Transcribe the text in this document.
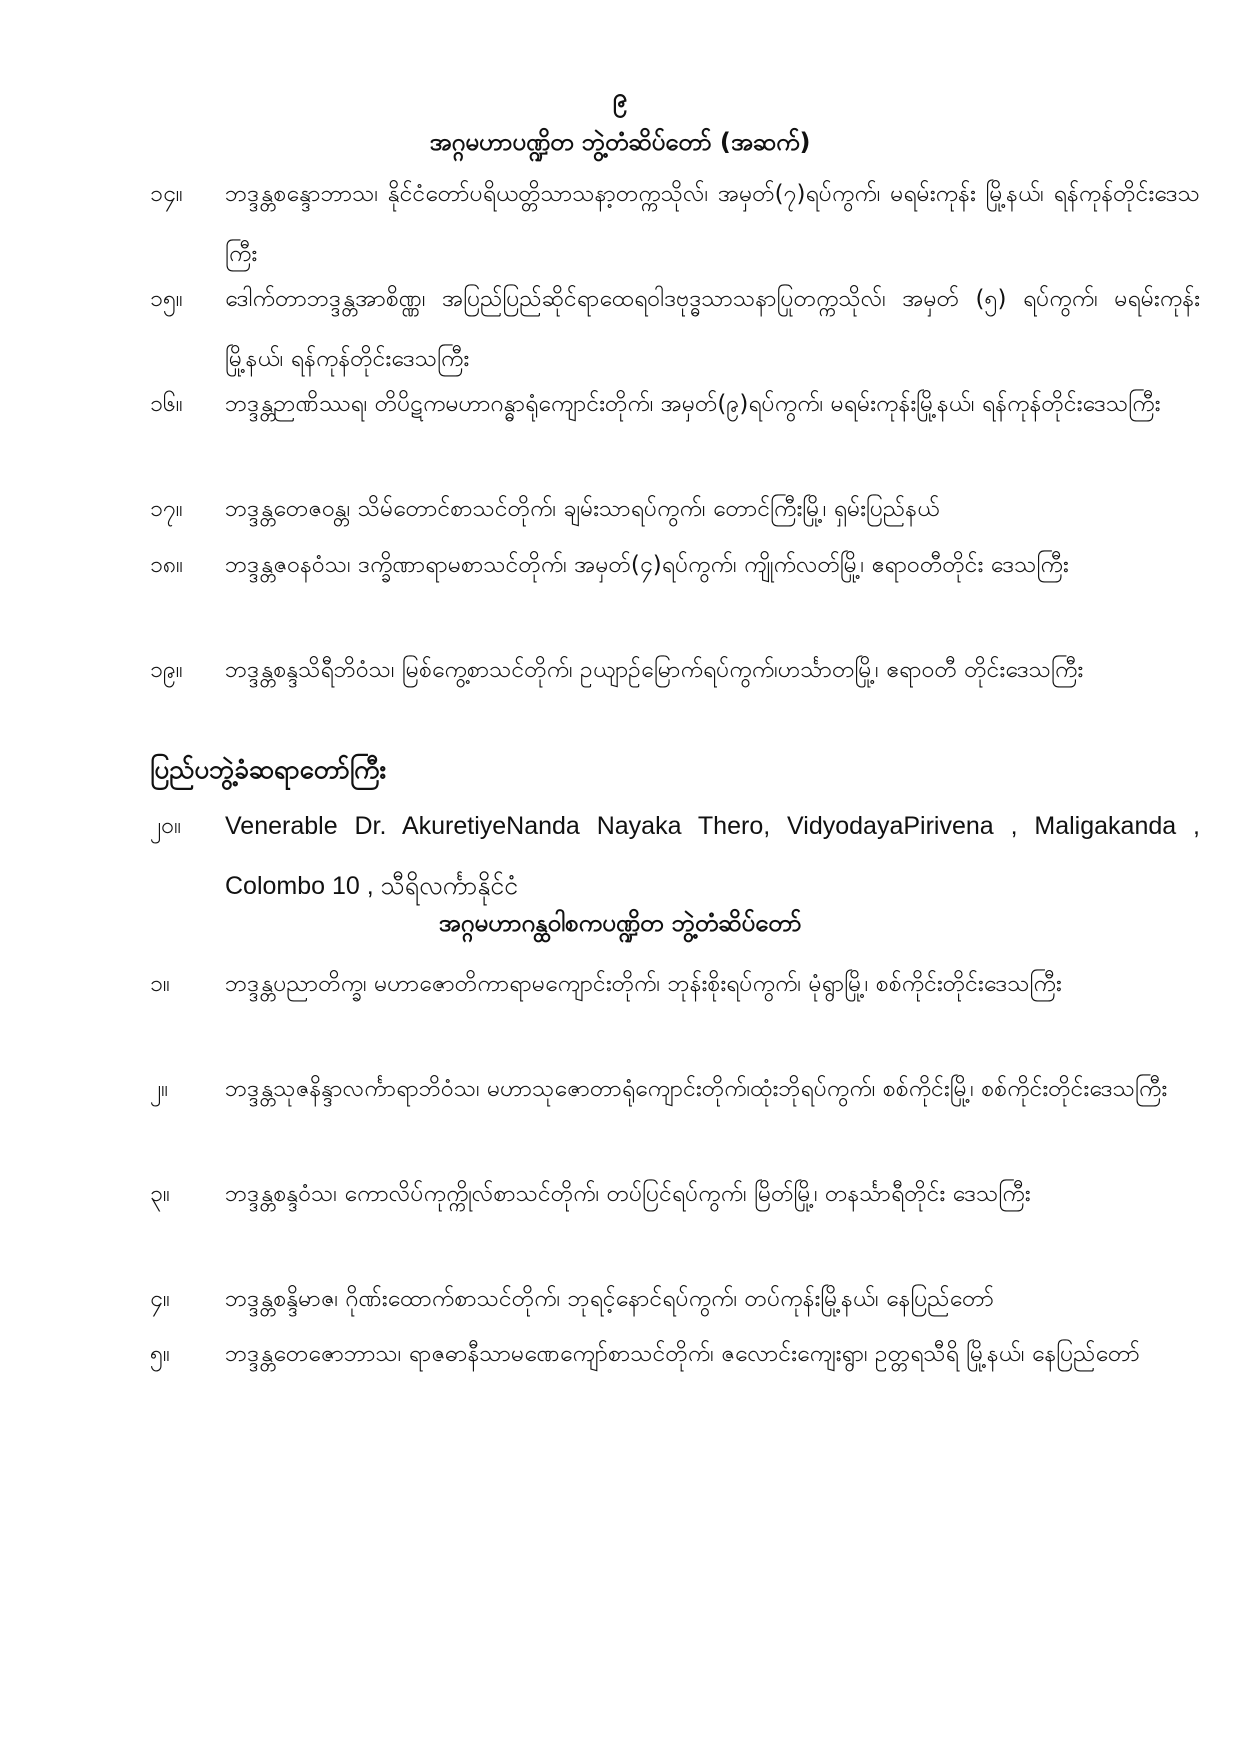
၉
အဂ္ဂမဟာပဏ္ဍိတ ဘွဲ့တံဆိပ်တော် (အဆက်)
၁၄။	ဘဒ္ဒန္တစန္ဒောဘာသ၊ နိုင်ငံတော်ပရိယတ္တိသာသနာ့တက္ကသိုလ်၊ အမှတ်(၇)ရပ်ကွက်၊ မရမ်းကုန်း မြို့နယ်၊ ရန်ကုန်တိုင်းဒေသကြီး
၁၅။	ဒေါက်တာဘဒ္ဒန္တအာစိဏ္ဏ၊ အပြည်ပြည်ဆိုင်ရာထေရဝါဒဗုဒ္ဓသာသနာပြုတက္ကသိုလ်၊ အမှတ် (၅) ရပ်ကွက်၊ မရမ်းကုန်းမြို့နယ်၊ ရန်ကုန်တိုင်းဒေသကြီး
၁၆။	ဘဒ္ဒန္တဉာဏိဿရ၊ တိပိဋကမဟာဂန္ဓာရုံကျောင်းတိုက်၊ အမှတ်(၉)ရပ်ကွက်၊ မရမ်းကုန်းမြို့နယ်၊ ရန်ကုန်တိုင်းဒေသကြီး
၁၇။	ဘဒ္ဒန္တတေဇဝန္တ၊ သိမ်တောင်စာသင်တိုက်၊ ချမ်းသာရပ်ကွက်၊ တောင်ကြီးမြို့၊ ရှမ်းပြည်နယ်
၁၈။	ဘဒ္ဒန္တဇဝနဝံသ၊ ဒက္ခိဏာရာမစာသင်တိုက်၊ အမှတ်(၄)ရပ်ကွက်၊ ကျိုက်လတ်မြို့၊ ဧရာဝတီတိုင်း ဒေသကြီး
၁၉။	ဘဒ္ဒန္တစန္ဒသိရီဘိဝံသ၊ မြစ်ကွေ့စာသင်တိုက်၊ ဥယျာဉ်မြောက်ရပ်ကွက်၊ဟင်္သာတမြို့၊ ဧရာဝတီ တိုင်းဒေသကြီး
ပြည်ပဘွဲ့ခံဆရာတော်ကြီး
၂၀။	Venerable Dr. AkuretiyeNanda Nayaka Thero, VidyodayaPirivena , Maligakanda , Colombo 10 , သီရိလင်္ကာနိုင်ငံ
အဂ္ဂမဟာဂန္ထဝါစကပဏ္ဍိတ ဘွဲ့တံဆိပ်တော်
၁။	ဘဒ္ဒန္တပညာတိက္ခ၊ မဟာဇောတိကာရာမကျောင်းတိုက်၊ ဘုန်းစိုးရပ်ကွက်၊ မုံရွာမြို့၊ စစ်ကိုင်းတိုင်းဒေသကြီး
၂။	ဘဒ္ဒန္တသုဇနိန္ဒာလင်္ကာရာဘိဝံသ၊ မဟာသုဇောတာရုံကျောင်းတိုက်၊ထုံးဘိုရပ်ကွက်၊ စစ်ကိုင်းမြို့၊ စစ်ကိုင်းတိုင်းဒေသကြီး
၃။	ဘဒ္ဒန္တစန္ဒဝံသ၊ ကောလိပ်ကုက္ကိုလ်စာသင်တိုက်၊ တပ်ပြင်ရပ်ကွက်၊ မြိတ်မြို့၊ တနင်္သာရီတိုင်း ဒေသကြီး
၄။	ဘဒ္ဒန္တစန္ဒိမာဇ၊ ဂိုဏ်းထောက်စာသင်တိုက်၊ ဘုရင့်နောင်ရပ်ကွက်၊ တပ်ကုန်းမြို့နယ်၊ နေပြည်တော်
၅။	ဘဒ္ဒန္တတေဇောဘာသ၊ ရာဇဓာနီသာမဏေကျော်စာသင်တိုက်၊ ဇလောင်းကျေးရွာ၊ ဥတ္တရသီရိ မြို့နယ်၊ နေပြည်တော်
